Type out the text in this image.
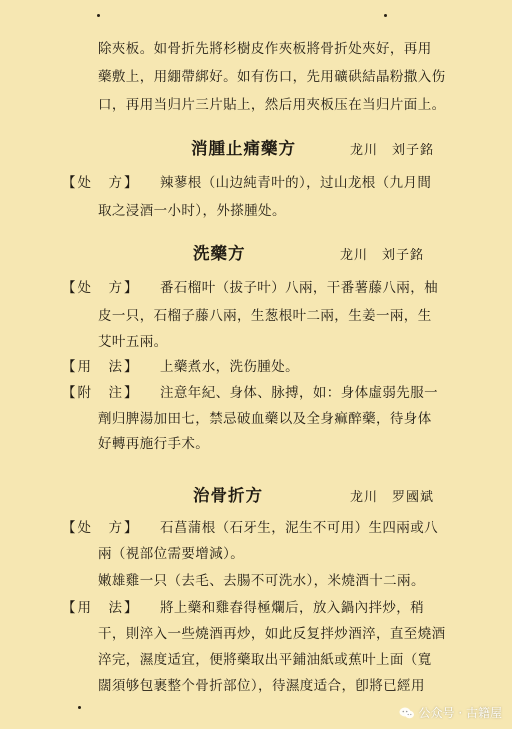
除夾板。如骨折先將杉樹皮作夾板將骨折处夾好，再用
藥敷上，用綳帶綁好。如有伤口，先用礦硔結晶粉撒入伤
口，再用当归片三片貼上，然后用夾板压在当归片面上。
消腫止痛藥方	龙川　刘子銘
【处　方】 辣蓼根（山边純青叶的），过山龙根（九月間
取之浸酒一小时），外搽腫处。
洗藥方	龙川　刘子銘
【处　方】 番石榴叶（拔子叶）八兩，干番薯藤八兩，柚
皮一只，石榴子藤八兩，生葱根叶二兩，生姜一兩，生
艾叶五兩。
【用　法】 上藥煮水，洗伤腫处。
【附　注】 注意年紀、身体、脉搏，如：身体虛弱先服一
劑归脾湯加田七，禁忌破血藥以及全身痲醉藥，待身体
好轉再施行手术。
治骨折方	龙川　罗國斌
【处　方】 石菖蒲根（石牙生，泥生不可用）生四兩或八
兩（視部位需要增減）。
嫩雄雞一只（去毛、去腸不可洗水），米燒酒十二兩。
【用　法】 將上藥和雞舂得極爛后，放入鍋內拌炒，稍
干，則淬入一些燒酒再炒，如此反复拌炒酒淬，直至燒酒
淬完，濕度适宜，便將藥取出平鋪油紙或蕉叶上面（寬
闊須够包裹整个骨折部位），待濕度适合，卽將已經用
公众号 · 古籍屋
